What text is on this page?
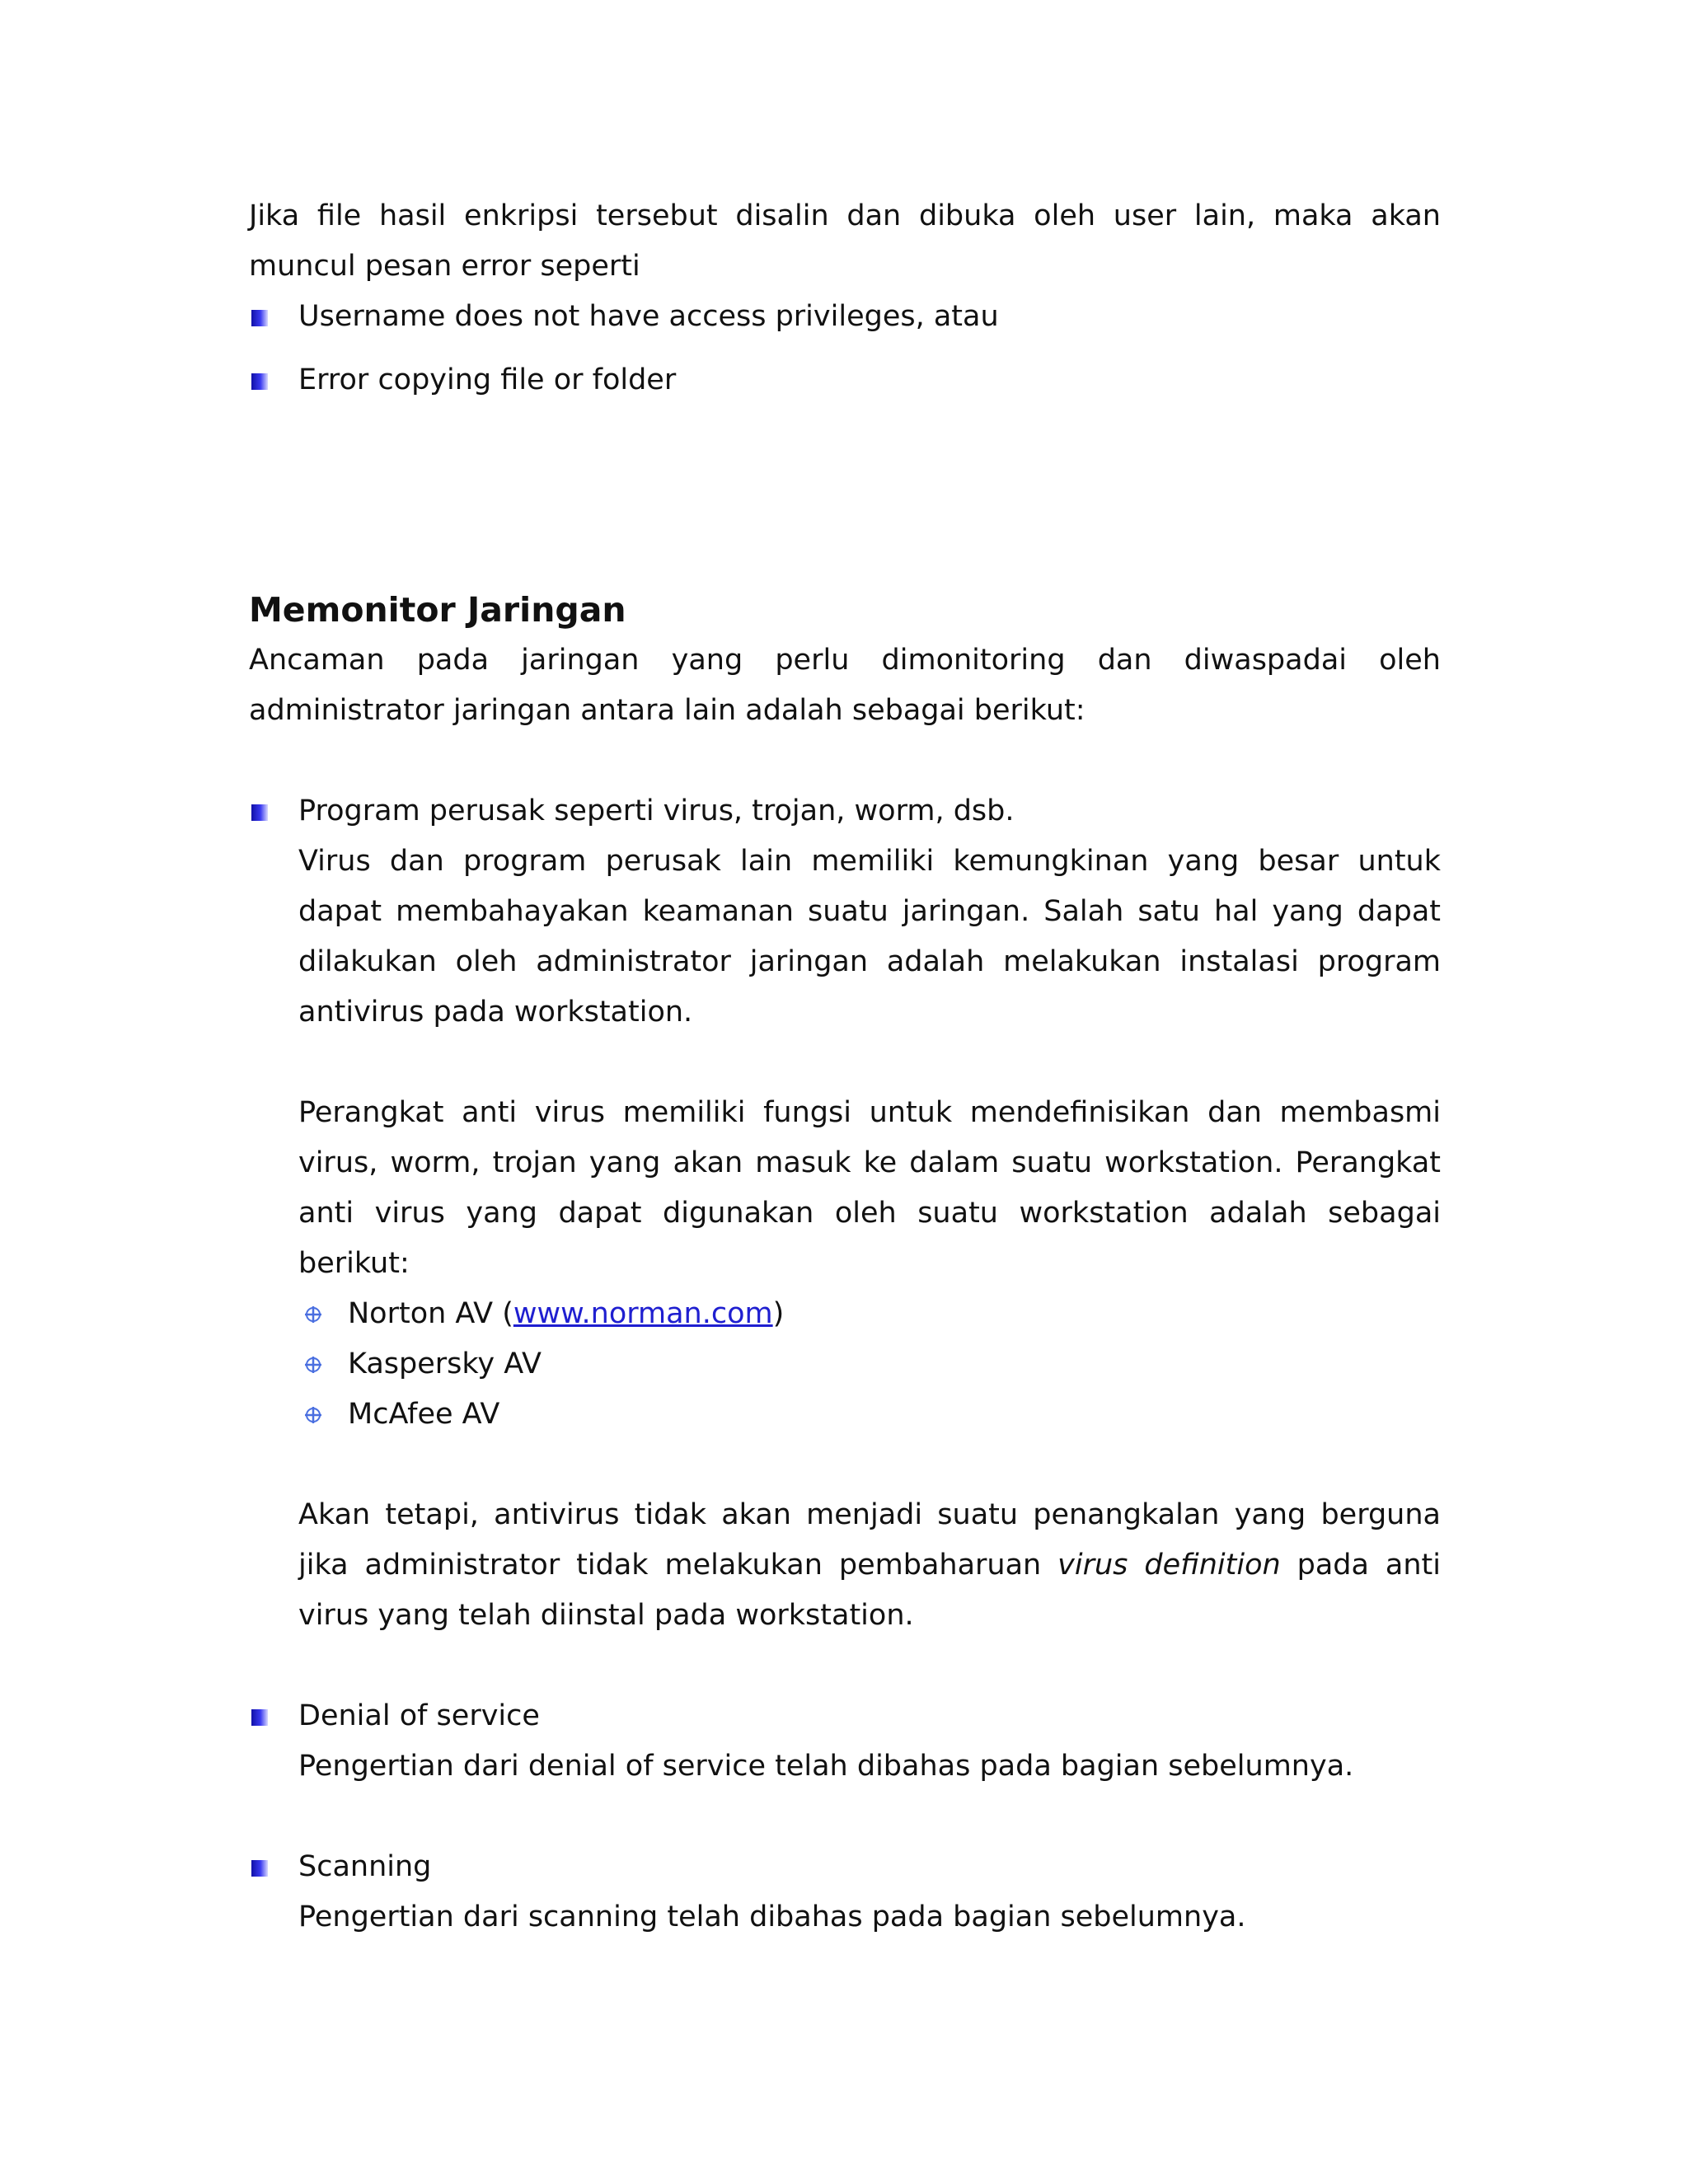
Jika file hasil enkripsi tersebut disalin dan dibuka oleh user lain, maka akan muncul pesan error seperti

Username does not have access privileges, atau
Error copying file or folder

Memonitor Jaringan

Ancaman pada jaringan yang perlu dimonitoring dan diwaspadai oleh administrator jaringan antara lain adalah sebagai berikut:

Program perusak seperti virus, trojan, worm, dsb.

Virus dan program perusak lain memiliki kemungkinan yang besar untuk dapat membahayakan keamanan suatu jaringan. Salah satu hal yang dapat dilakukan oleh administrator jaringan adalah melakukan instalasi program antivirus pada workstation.

Perangkat anti virus memiliki fungsi untuk mendefinisikan dan membasmi virus, worm, trojan yang akan masuk ke dalam suatu workstation. Perangkat anti virus yang dapat digunakan oleh suatu workstation adalah sebagai berikut:

Norton AV (www.norman.com)
Kaspersky AV
McAfee AV

Akan tetapi, antivirus tidak akan menjadi suatu penangkalan yang berguna jika administrator tidak melakukan pembaharuan virus definition pada anti virus yang telah diinstal pada workstation.

Denial of service

Pengertian dari denial of service telah dibahas pada bagian sebelumnya.

Scanning

Pengertian dari scanning telah dibahas pada bagian sebelumnya.
